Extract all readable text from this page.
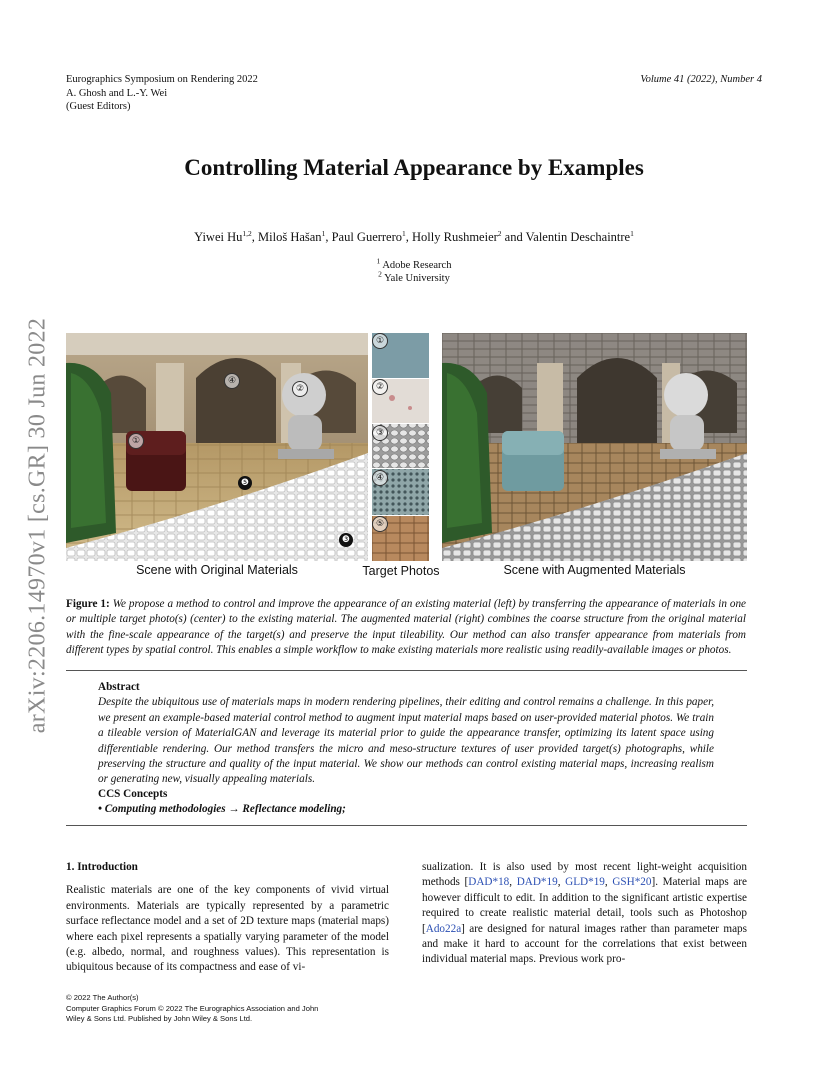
Eurographics Symposium on Rendering 2022
A. Ghosh and L.-Y. Wei
(Guest Editors)
Volume 41 (2022), Number 4
arXiv:2206.14970v1 [cs.GR] 30 Jun 2022
Controlling Material Appearance by Examples
Yiwei Hu$^{1,2}$, Miloš Hašan$^1$, Paul Guerrero$^1$, Holly Rushmeier$^2$ and Valentin Deschaintre$^1$
$^1$ Adobe Research
$^2$ Yale University
①
②
④
❺
❸
①
②
③
④
⑤
Scene with Original Materials	Target Photos	Scene with Augmented Materials
Figure 1: We propose a method to control and improve the appearance of an existing material (left) by transferring the appearance of materials in one or multiple target photo(s) (center) to the existing material. The augmented material (right) combines the coarse structure from the original material with the fine-scale appearance of the target(s) and preserve the input tileability. Our method can also transfer appearance from materials from different types by spatial control. This enables a simple workflow to make existing materials more realistic using readily-available images or photos.
Abstract
Despite the ubiquitous use of materials maps in modern rendering pipelines, their editing and control remains a challenge. In this paper, we present an example-based material control method to augment input material maps based on user-provided material photos. We train a tileable version of MaterialGAN and leverage its material prior to guide the appearance transfer, optimizing its latent space using differentiable rendering. Our method transfers the micro and meso-structure textures of user provided target(s) photographs, while preserving the structure and quality of the input material. We show our methods can control existing material maps, increasing realism or generating new, visually appealing materials.
CCS Concepts
• Computing methodologies → Reflectance modeling;
1. Introduction
Realistic materials are one of the key components of vivid virtual environments. Materials are typically represented by a parametric surface reflectance model and a set of 2D texture maps (material maps) where each pixel represents a spatially varying parameter of the model (e.g. albedo, normal, and roughness values). This representation is ubiquitous because of its compactness and ease of vi-
sualization. It is also used by most recent light-weight acquisition methods [DAD*18, DAD*19, GLD*19, GSH*20]. Material maps are however difficult to edit. In addition to the significant artistic expertise required to create realistic material detail, tools such as Photoshop [Ado22a] are designed for natural images rather than parameter maps and make it hard to account for the correlations that exist between individual material maps. Previous work pro-
© 2022 The Author(s)
Computer Graphics Forum © 2022 The Eurographics Association and John
Wiley & Sons Ltd. Published by John Wiley & Sons Ltd.
